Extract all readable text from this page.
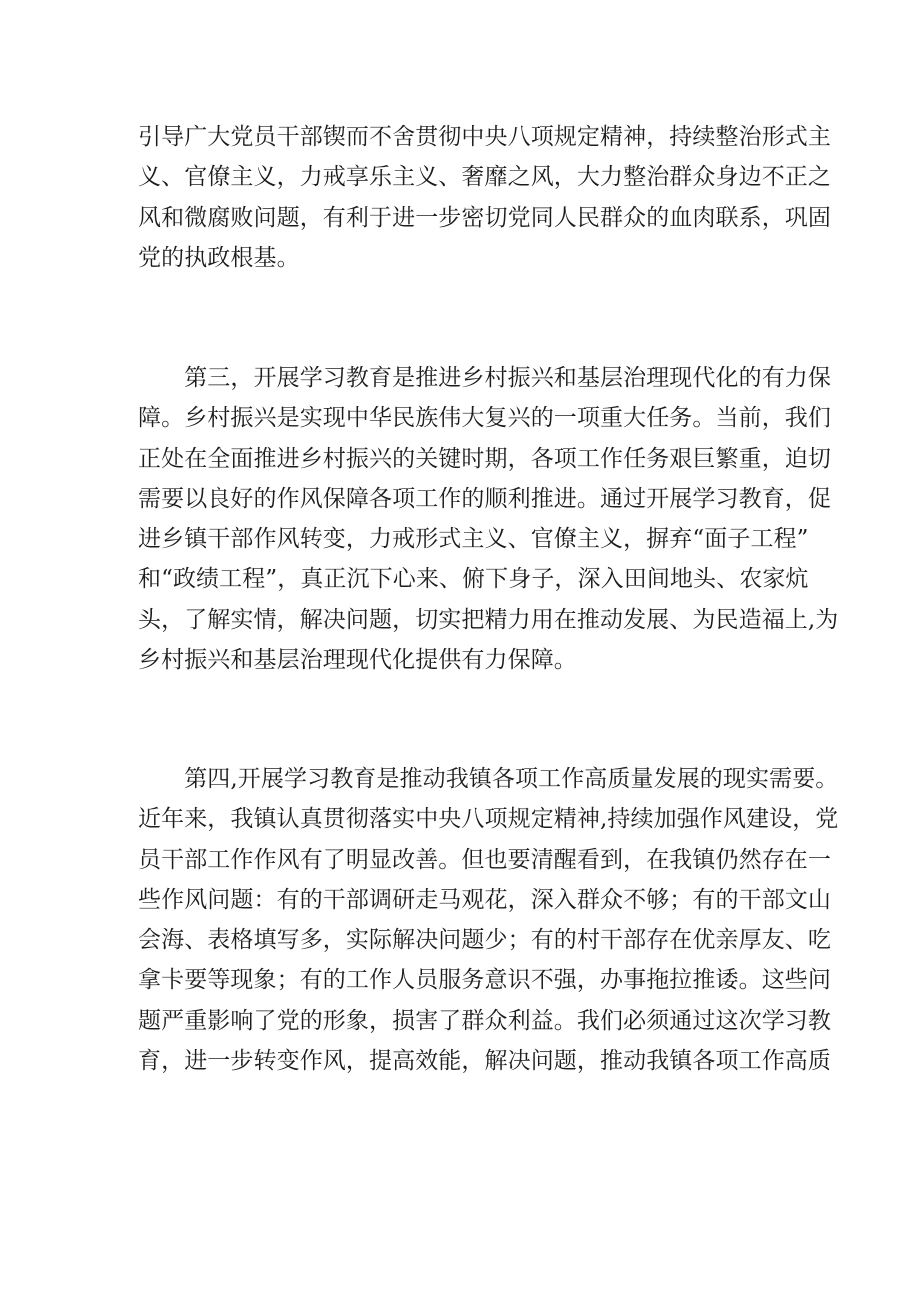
引导广大党员干部锲而不舍贯彻中央八项规定精神，持续整治形式主
义、官僚主义，力戒享乐主义、奢靡之风，大力整治群众身边不正之
风和微腐败问题，有利于进一步密切党同人民群众的血肉联系，巩固
党的执政根基。
　　第三，开展学习教育是推进乡村振兴和基层治理现代化的有力保
障。乡村振兴是实现中华民族伟大复兴的一项重大任务。当前，我们
正处在全面推进乡村振兴的关键时期，各项工作任务艰巨繁重，迫切
需要以良好的作风保障各项工作的顺利推进。通过开展学习教育，促
进乡镇干部作风转变，力戒形式主义、官僚主义，摒弃“面子工程”
和“政绩工程”，真正沉下心来、俯下身子，深入田间地头、农家炕
头，了解实情，解决问题，切实把精力用在推动发展、为民造福上,为
乡村振兴和基层治理现代化提供有力保障。
　　第四,开展学习教育是推动我镇各项工作高质量发展的现实需要。
近年来，我镇认真贯彻落实中央八项规定精神,持续加强作风建设，党
员干部工作作风有了明显改善。但也要清醒看到，在我镇仍然存在一
些作风问题：有的干部调研走马观花，深入群众不够；有的干部文山
会海、表格填写多，实际解决问题少；有的村干部存在优亲厚友、吃
拿卡要等现象；有的工作人员服务意识不强，办事拖拉推诿。这些问
题严重影响了党的形象，损害了群众利益。我们必须通过这次学习教
育，进一步转变作风，提高效能，解决问题，推动我镇各项工作高质
